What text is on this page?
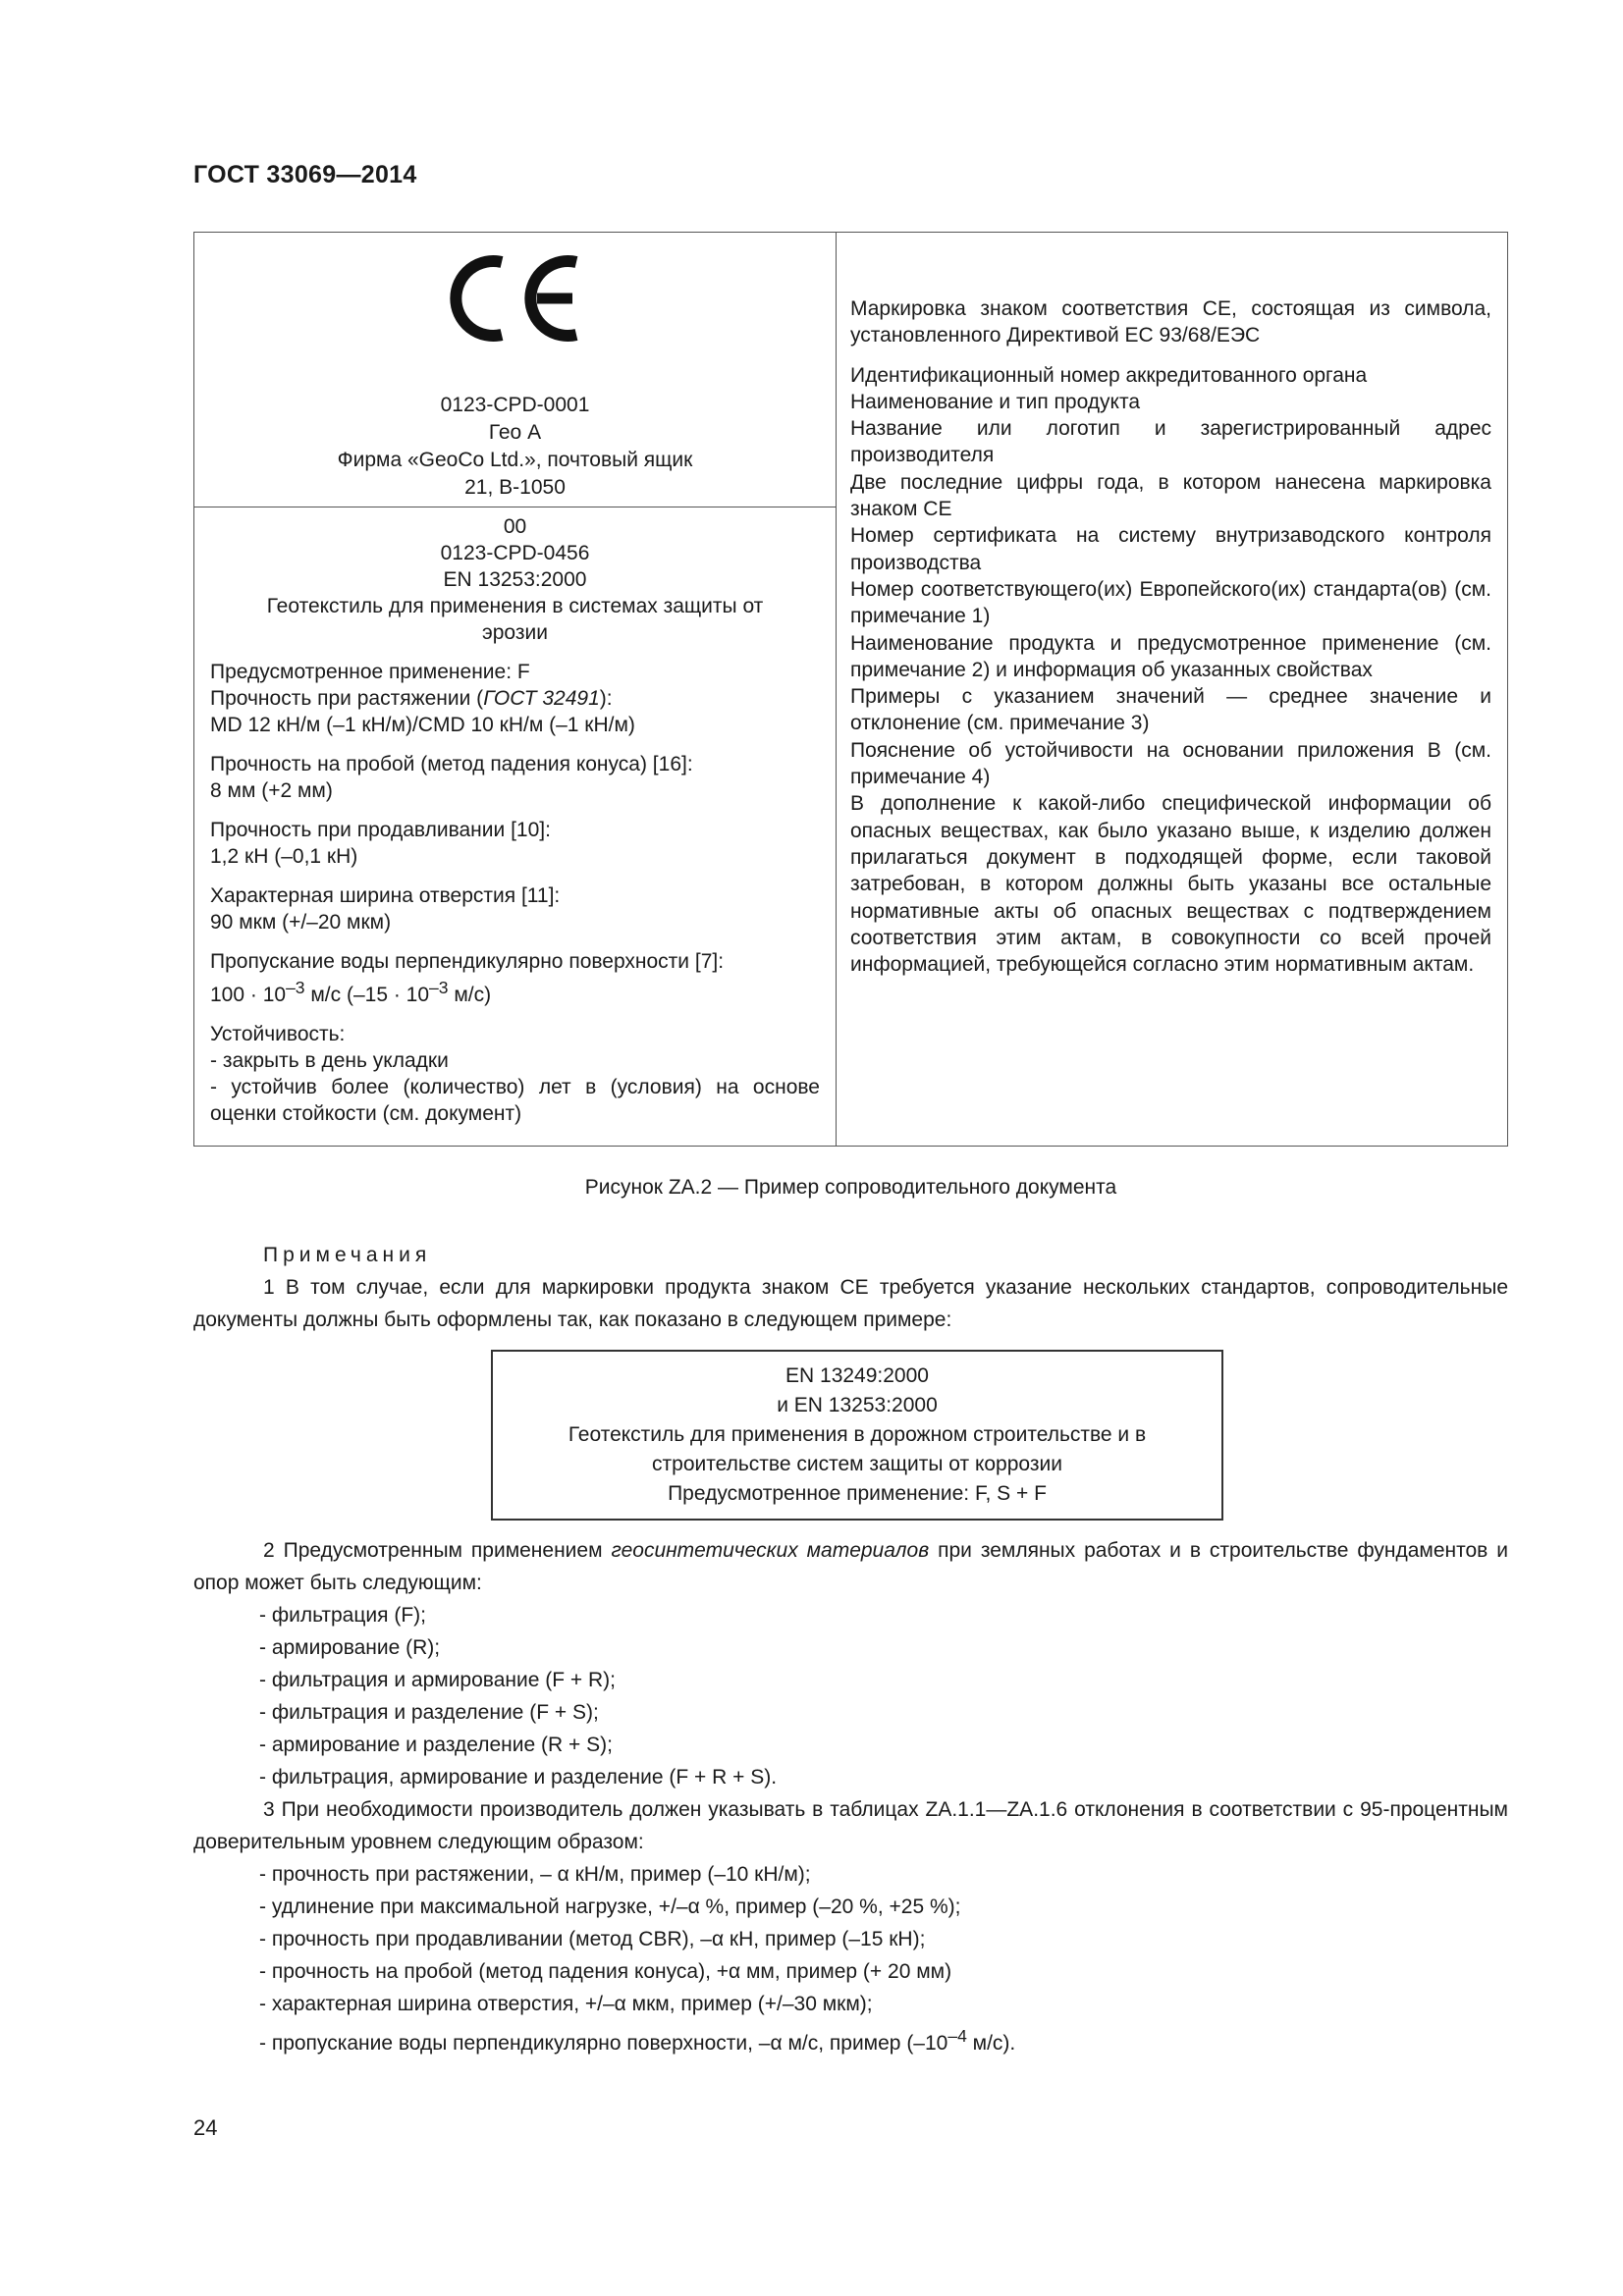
ГОСТ 33069—2014
0123-CPD-0001
Гео А
Фирма «GeoCo Ltd.», почтовый ящик
21, B-1050
00
0123-CPD-0456
EN 13253:2000
Геотекстиль для применения в системах защиты от
эрозии
Предусмотренное применение: F
Прочность при растяжении (ГОСТ 32491):
MD 12 кН/м (–1 кН/м)/CMD 10 кН/м (–1 кН/м)
Прочность на пробой (метод падения конуса) [16]:
8 мм (+2 мм)
Прочность при продавливании [10]:
1,2 кН (–0,1 кН)
Характерная ширина отверстия [11]:
90 мкм (+/–20 мкм)
Пропускание воды перпендикулярно поверхности [7]:
$100 \cdot 10^{-3}$ м/с ($-15 \cdot 10^{-3}$ м/с)
Устойчивость:
- закрыть в день укладки
- устойчив более (количество) лет в (условия) на основе оценки стойкости (см. документ)

Маркировка знаком соответствия CE, состоящая из символа, установленного Директивой ЕС 93/68/ЕЭС

Идентификационный номер аккредитованного органа

Наименование и тип продукта

Название или логотип и зарегистрированный адрес производителя

Две последние цифры года, в котором нанесена маркировка знаком CE

Номер сертификата на систему внутризаводского контроля производства

Номер соответствующего(их) Европейского(их) стандарта(ов) (см. примечание 1)

Наименование продукта и предусмотренное применение (см. примечание 2) и информация об указанных свойствах

Примеры с указанием значений — среднее значение и отклонение (см. примечание 3)

Пояснение об устойчивости на основании приложения B (см. примечание 4)

В дополнение к какой-либо специфической информации об опасных веществах, как было указано выше, к изделию должен прилагаться документ в подходящей форме, если таковой затребован, в котором должны быть указаны все остальные нормативные акты об опасных веществах с подтверждением соответствия этим актам, в совокупности со всей прочей информацией, требующейся согласно этим нормативным актам.

Рисунок ZA.2 — Пример сопроводительного документа

Примечания

1 В том случае, если для маркировки продукта знаком CE требуется указание нескольких стандартов, сопроводительные документы должны быть оформлены так, как показано в следующем примере:

EN 13249:2000
и EN 13253:2000
Геотекстиль для применения в дорожном строительстве и в
строительстве систем защиты от коррозии
Предусмотренное применение: F, S + F

2 Предусмотренным применением геосинтетических материалов при земляных работах и в строительстве фундаментов и опор может быть следующим:

- фильтрация (F);

- армирование (R);

- фильтрация и армирование (F + R);

- фильтрация и разделение (F + S);

- армирование и разделение (R + S);

- фильтрация, армирование и разделение (F + R + S).

3 При необходимости производитель должен указывать в таблицах ZA.1.1—ZA.1.6 отклонения в соответствии с 95-процентным доверительным уровнем следующим образом:

- прочность при растяжении, – α кН/м, пример (–10 кН/м);

- удлинение при максимальной нагрузке, +/–α %, пример (–20 %, +25 %);

- прочность при продавливании (метод CBR), –α кН, пример (–15 кН);

- прочность на пробой (метод падения конуса), +α мм, пример (+ 20 мм)

- характерная ширина отверстия, +/–α мкм, пример (+/–30 мкм);

- пропускание воды перпендикулярно поверхности, –α м/с, пример ($-10^{-4}$ м/с).

24
